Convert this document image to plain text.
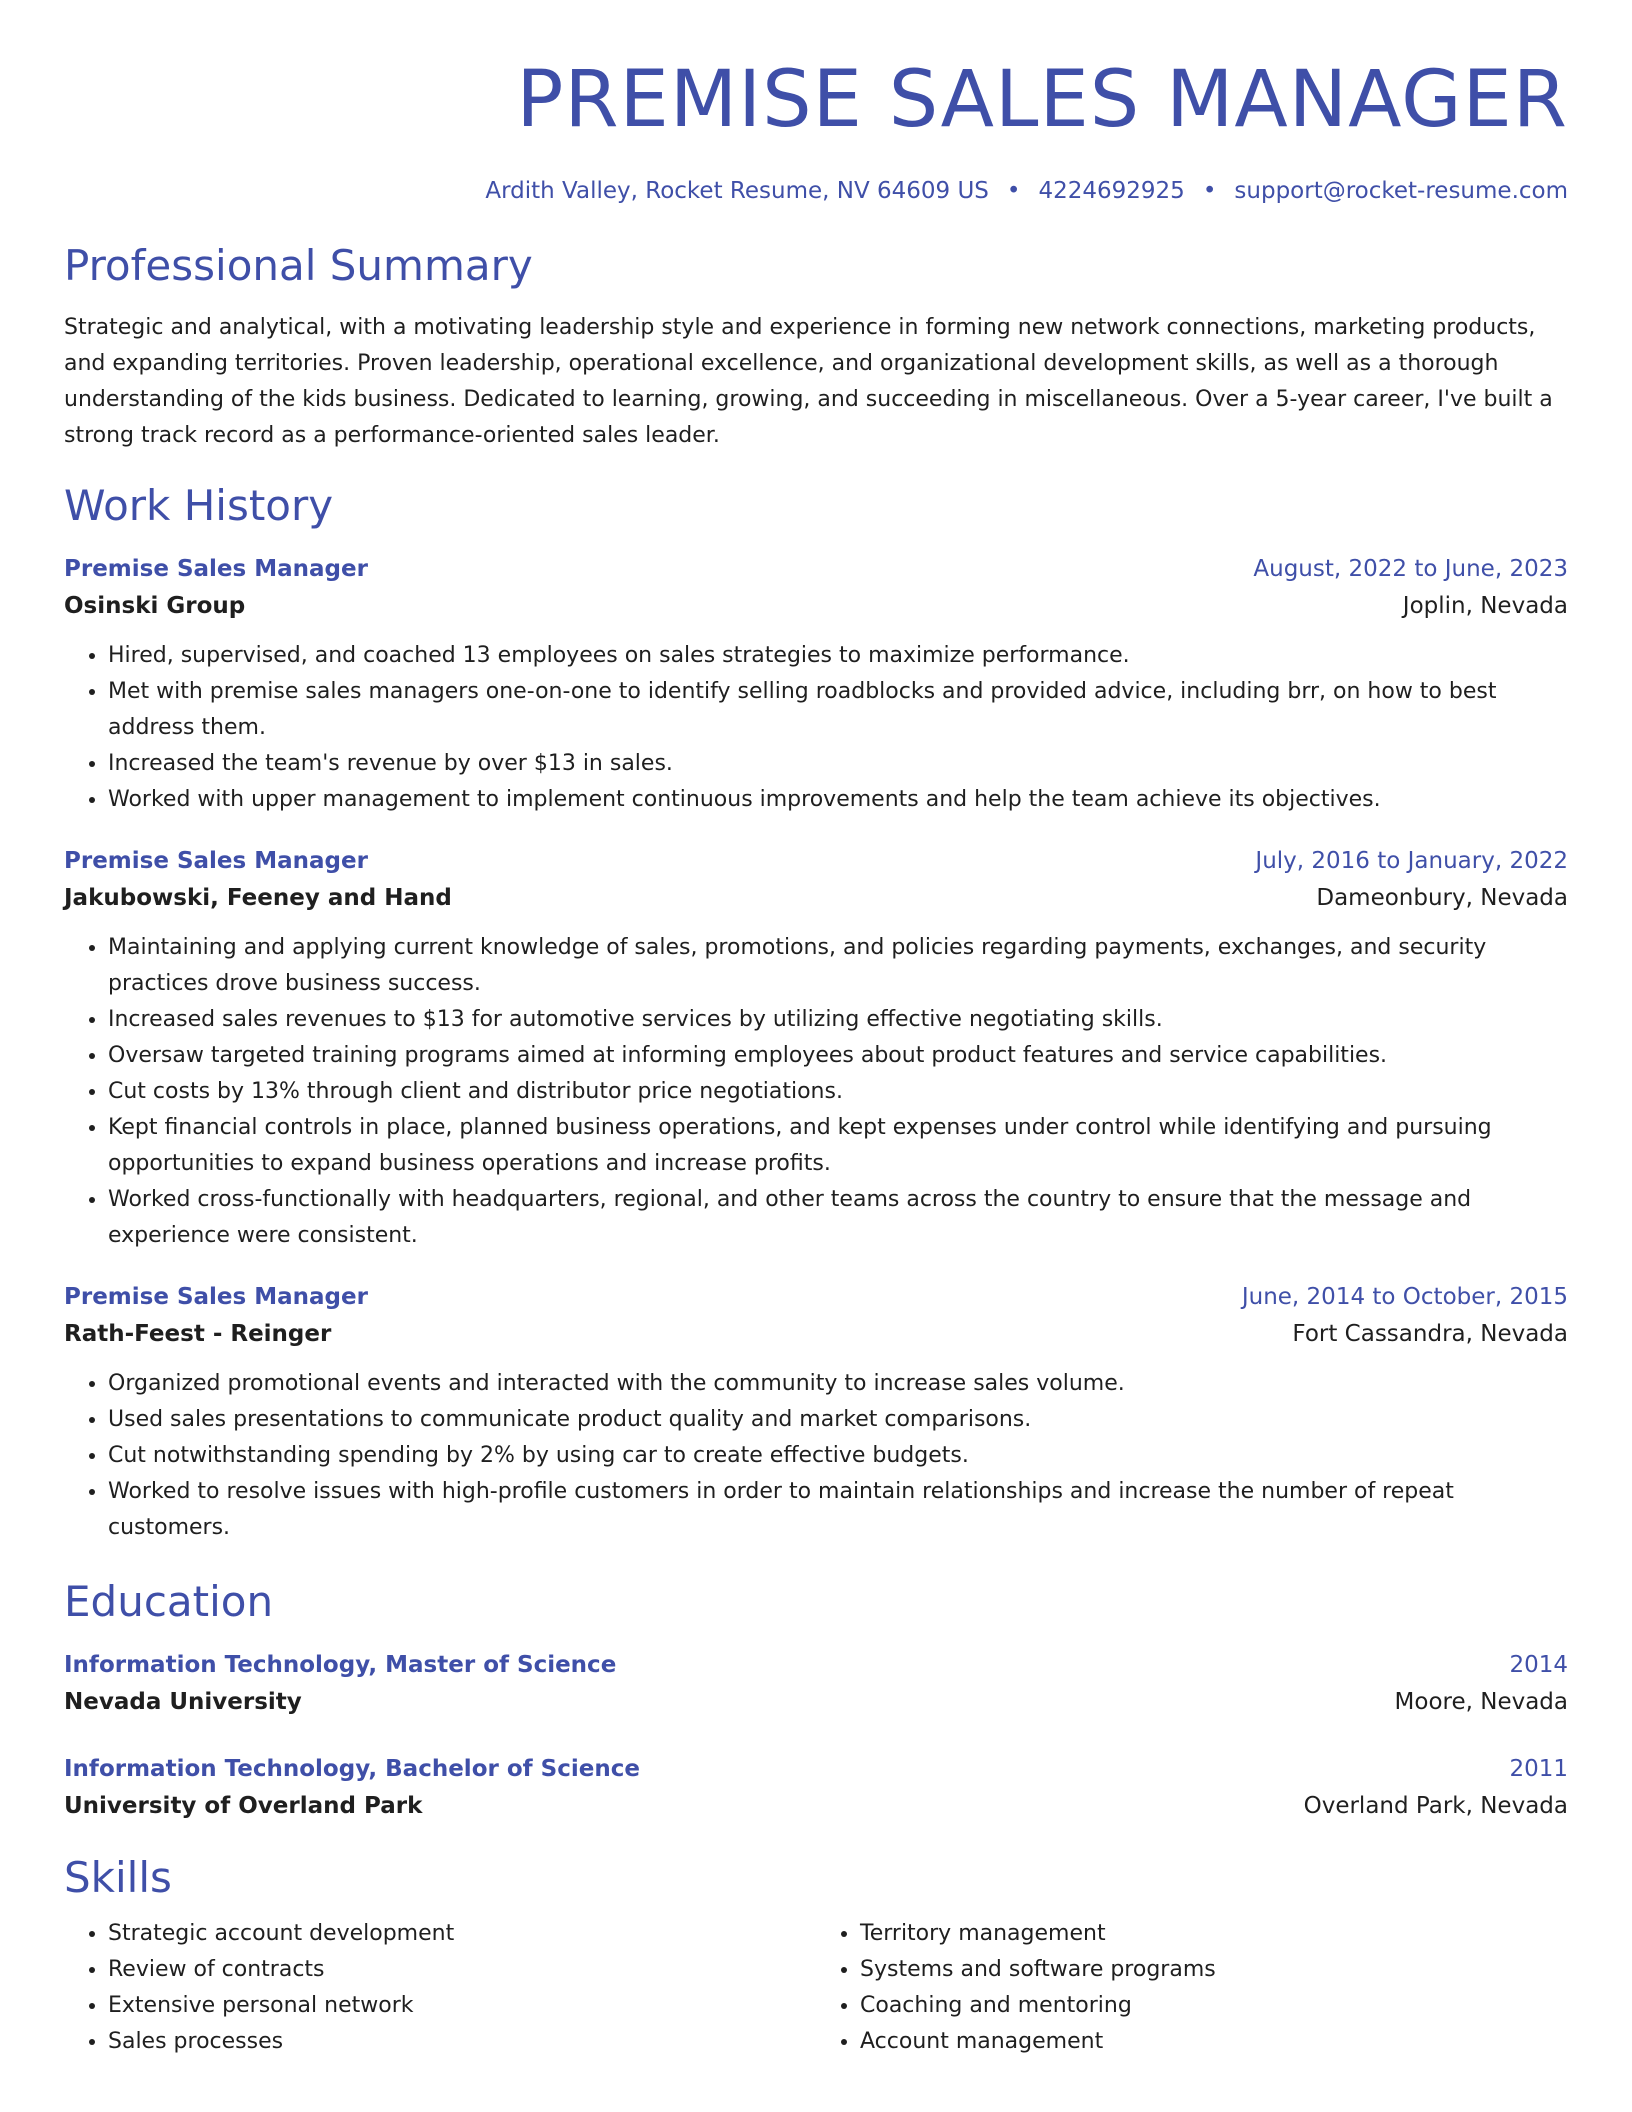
PREMISE SALES MANAGER
Ardith Valley, Rocket Resume, NV 64609 US • 4224692925 • support@rocket-resume.com
Professional Summary

Strategic and analytical, with a motivating leadership style and experience in forming new network connections, marketing products, and expanding territories. Proven leadership, operational excellence, and organizational development skills, as well as a thorough understanding of the kids business. Dedicated to learning, growing, and succeeding in miscellaneous. Over a 5-year career, I've built a strong track record as a performance-oriented sales leader.

Work History
Premise Sales Manager	August, 2022 to June, 2023
Osinski Group	Joplin, Nevada
• Hired, supervised, and coached 13 employees on sales strategies to maximize performance.
• Met with premise sales managers one-on-one to identify selling roadblocks and provided advice, including brr, on how to best address them.
• Increased the team's revenue by over $13 in sales.
• Worked with upper management to implement continuous improvements and help the team achieve its objectives.
Premise Sales Manager	July, 2016 to January, 2022
Jakubowski, Feeney and Hand	Dameonbury, Nevada
• Maintaining and applying current knowledge of sales, promotions, and policies regarding payments, exchanges, and security practices drove business success.
• Increased sales revenues to $13 for automotive services by utilizing effective negotiating skills.
• Oversaw targeted training programs aimed at informing employees about product features and service capabilities.
• Cut costs by 13% through client and distributor price negotiations.
• Kept financial controls in place, planned business operations, and kept expenses under control while identifying and pursuing opportunities to expand business operations and increase profits.
• Worked cross-functionally with headquarters, regional, and other teams across the country to ensure that the message and experience were consistent.
Premise Sales Manager	June, 2014 to October, 2015
Rath-Feest - Reinger	Fort Cassandra, Nevada
• Organized promotional events and interacted with the community to increase sales volume.
• Used sales presentations to communicate product quality and market comparisons.
• Cut notwithstanding spending by 2% by using car to create effective budgets.
• Worked to resolve issues with high-profile customers in order to maintain relationships and increase the number of repeat customers.
Education
Information Technology, Master of Science	2014
Nevada University	Moore, Nevada
Information Technology, Bachelor of Science	2011
University of Overland Park	Overland Park, Nevada
Skills
• Strategic account development
• Review of contracts
• Extensive personal network
• Sales processes
• Territory management
• Systems and software programs
• Coaching and mentoring
• Account management
